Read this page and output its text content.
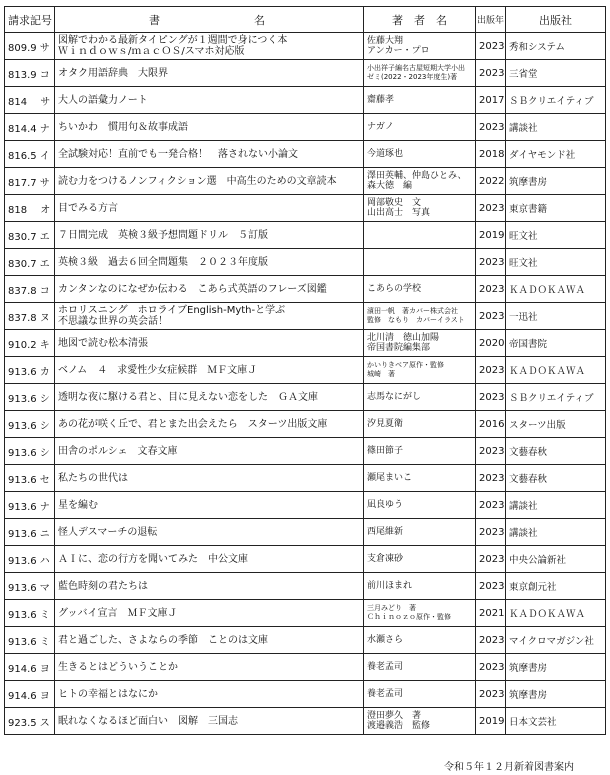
請求記号	書　　　　　　名	著　者　名	出版年	出版社
809.9 サ	図解でわかる最新タイピングが１週間で身につく本
Ｗｉｎｄｏｗｓ/ｍａｃＯＳ/スマホ対応版	佐藤大翔
アンカー・プロ	2023	秀和システム
813.9 コ	オタク用語辞典　大限界	小出祥子編名古屋短期大学小出
ゼミ(2022・2023年度生)著	2023	三省堂
814　 サ	大人の語彙力ノート	齋藤孝	2017	ＳＢクリエイティブ
814.4 ナ	ちいかわ　慣用句＆故事成語	ナガノ	2023	講談社
816.5 イ	全試験対応！直前でも一発合格！　落されない小論文	今道琢也	2018	ダイヤモンド社
817.7 サ	読む力をつけるノンフィクション選　中高生のための文章読本	澤田英輔、仲島ひとみ、
森大徳　編	2022	筑摩書房
818　 オ	目でみる方言	岡部敬史　文
山出高士　写真	2023	東京書籍
830.7 エ	７日間完成　英検３級予想問題ドリル　５訂版		2019	旺文社
830.7 エ	英検３級　過去６回全問題集　２０２３年度版		2023	旺文社
837.8 コ	カンタンなのになぜか伝わる　こあら式英語のフレーズ図鑑	こあらの学校	2023	ＫＡＤＯＫＡＷＡ
837.8 ヌ	ホロリスニング　ホロライブEnglish-Myth-と学ぶ
不思議な世界の英会話！	濱田一帆　著カバー株式会社
監修　なもり　カバーイラスト	2023	一迅社
910.2 キ	地図で読む松本清張	北川清　徳山加陽
帝国書院編集部	2020	帝国書院
913.6 カ	ベノム　４　求愛性少女症候群　ＭＦ文庫Ｊ	かいりきベア原作・監修
城崎　著	2023	ＫＡＤＯＫＡＷＡ
913.6 シ	透明な夜に駆ける君と、目に見えない恋をした　ＧＡ文庫	志馬なにがし	2023	ＳＢクリエイティブ
913.6 シ	あの花が咲く丘で、君とまた出会えたら　スターツ出版文庫	汐見夏衛	2016	スターツ出版
913.6 シ	田舎のポルシェ　文春文庫	篠田節子	2023	文藝春秋
913.6 セ	私たちの世代は	瀬尾まいこ	2023	文藝春秋
913.6 ナ	星を編む	凪良ゆう	2023	講談社
913.6 ニ	怪人デスマーチの退転	西尾維新	2023	講談社
913.6 ハ	ＡＩに、恋の行方を聞いてみた　中公文庫	支倉凍砂	2023	中央公論新社
913.6 マ	藍色時刻の君たちは	前川ほまれ	2023	東京創元社
913.6 ミ	グッバイ宣言　ＭＦ文庫Ｊ	三月みどり　著
Ｃｈｉｎｏｚｏ原作・監修	2021	ＫＡＤＯＫＡＷＡ
913.6 ミ	君と過ごした、さよならの季節　ことのは文庫	水瀬さら	2023	マイクロマガジン社
914.6 ヨ	生きるとはどういうことか	養老孟司	2023	筑摩書房
914.6 ヨ	ヒトの幸福とはなにか	養老孟司	2023	筑摩書房
923.5 ス	眠れなくなるほど面白い　図解　三国志	澄田夢久　著
渡邉義浩　監修	2019	日本文芸社
令和５年１２月新着図書案内
